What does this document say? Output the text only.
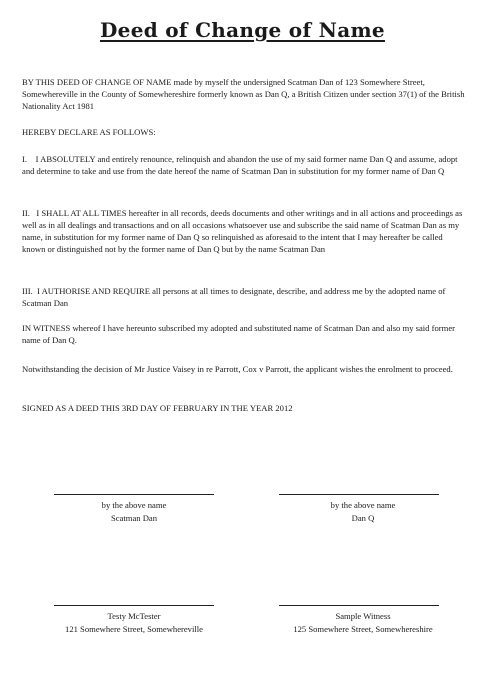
Deed of Change of Name

BY THIS DEED OF CHANGE OF NAME made by myself the undersigned Scatman Dan of 123 Somewhere Street, Somewhereville in the County of Somewhereshire formerly known as Dan Q, a British Citizen under section 37(1) of the British Nationality Act 1981

HEREBY DECLARE AS FOLLOWS:

I. I ABSOLUTELY and entirely renounce, relinquish and abandon the use of my said former name Dan Q and assume, adopt and determine to take and use from the date hereof the name of Scatman Dan in substitution for my former name of Dan Q

II. I SHALL AT ALL TIMES hereafter in all records, deeds documents and other writings and in all actions and proceedings as well as in all dealings and transactions and on all occasions whatsoever use and subscribe the said name of Scatman Dan as my name, in substitution for my former name of Dan Q so relinquished as aforesaid to the intent that I may hereafter be called known or distinguished not by the former name of Dan Q but by the name Scatman Dan

III. I AUTHORISE AND REQUIRE all persons at all times to designate, describe, and address me by the adopted name of Scatman Dan

IN WITNESS whereof I have hereunto subscribed my adopted and substituted name of Scatman Dan and also my said former name of Dan Q.

Notwithstanding the decision of Mr Justice Vaisey in re Parrott, Cox v Parrott, the applicant wishes the enrolment to proceed.

SIGNED AS A DEED THIS 3RD DAY OF FEBRUARY IN THE YEAR 2012

by the above name
Scatman Dan
by the above name
Dan Q
Testy McTester
121 Somewhere Street, Somewhereville
Sample Witness
125 Somewhere Street, Somewhereshire
